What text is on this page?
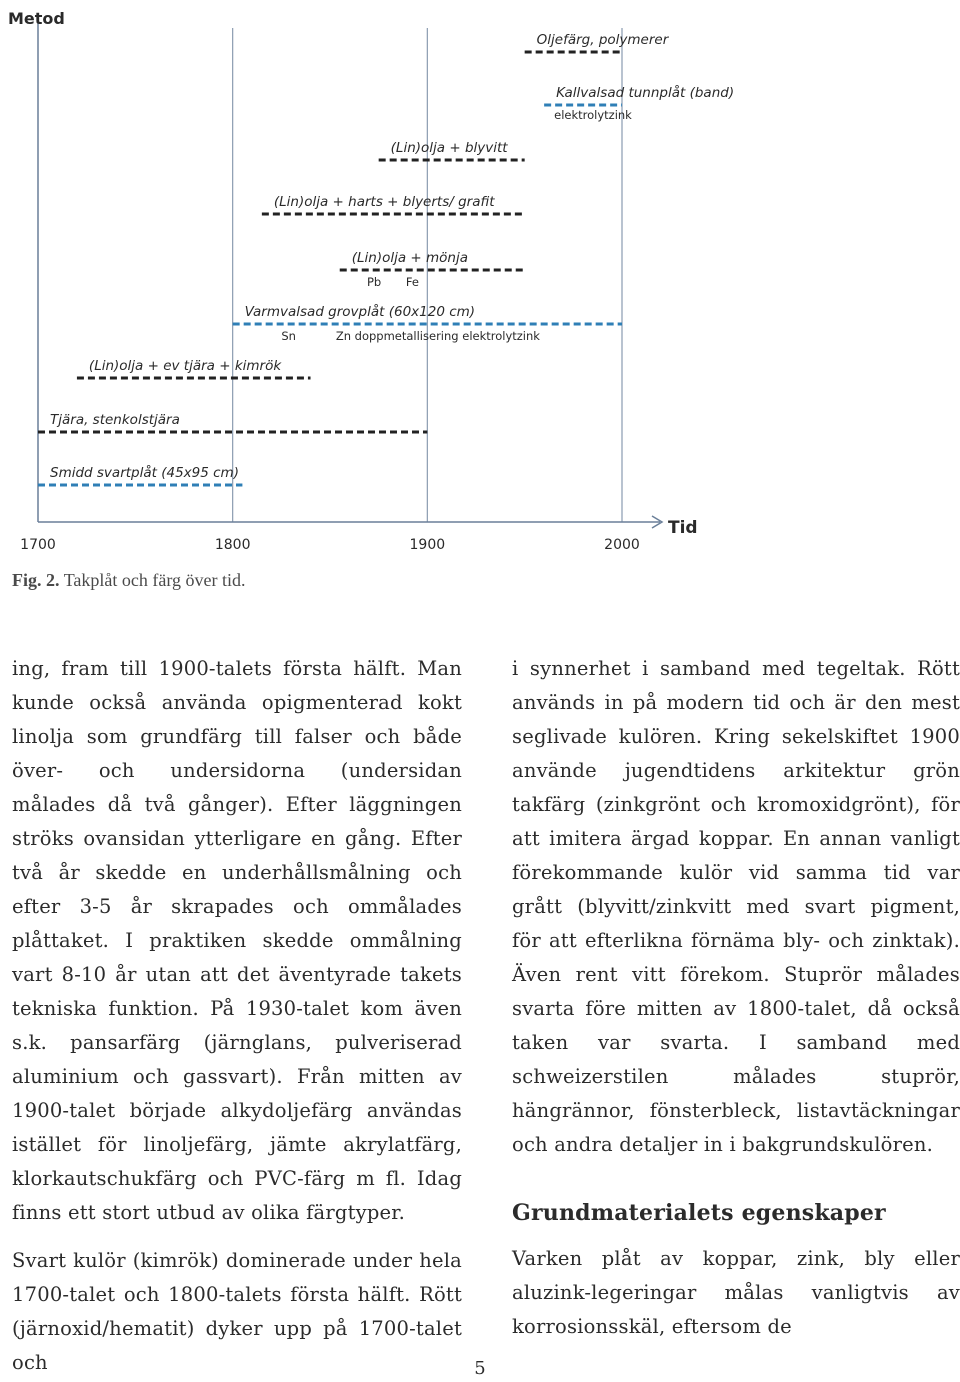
Metod
Tid
1700	1800	1900	2000
Smidd svartplåt (45x95 cm)
Tjära, stenkolstjära
(Lin)olja + ev tjära + kimrök
Varmvalsad grovplåt (60x120 cm)
Sn	Zn doppmetallisering elektrolytzink
(Lin)olja + mönja
Pb Fe
(Lin)olja + harts + blyerts/ grafit
(Lin)olja + blyvitt
Kallvalsad tunnplåt (band)
elektrolytzink
Oljefärg, polymerer
Fig. 2. Takplåt och färg över tid.

ing, fram till 1900-talets första hälft. Man kunde också använda opigmenterad kokt linolja som grundfärg till falser och både över- och undersidorna (undersidan målades då två gånger). Efter läggningen ströks ovansidan ytterligare en gång. Efter två år skedde en underhållsmålning och efter 3-5 år skrapades och ommålades plåttaket. I praktiken skedde ommålning vart 8-10 år utan att det äventyrade takets tekniska funktion. På 1930-talet kom även s.k. pansarfärg (järnglans, pulveriserad aluminium och gassvart). Från mitten av 1900-talet började alkydoljefärg användas istället för linoljefärg, jämte akrylatfärg, klorkautschukfärg och PVC-färg m fl. Idag finns ett stort utbud av olika färgtyper.

Svart kulör (kimrök) dominerade under hela 1700-talet och 1800-talets första hälft. Rött (järnoxid/hematit) dyker upp på 1700-talet och

i synnerhet i samband med tegeltak. Rött används in på modern tid och är den mest seglivade kulören. Kring sekelskiftet 1900 använde jugendtidens arkitektur grön takfärg (zinkgrönt och kromoxidgrönt), för att imitera ärgad koppar. En annan vanligt förekommande kulör vid samma tid var grått (blyvitt/zinkvitt med svart pigment, för att efterlikna förnäma bly- och zinktak). Även rent vitt förekom. Stuprör målades svarta före mitten av 1800-talet, då också taken var svarta. I samband med schweizerstilen målades stuprör, hängrännor, fönsterbleck, listavtäckningar och andra detaljer in i bakgrundskulören.

Grundmaterialets egenskaper

Varken plåt av koppar, zink, bly eller aluzink-legeringar målas vanligtvis av korrosionsskäl, eftersom de

5
